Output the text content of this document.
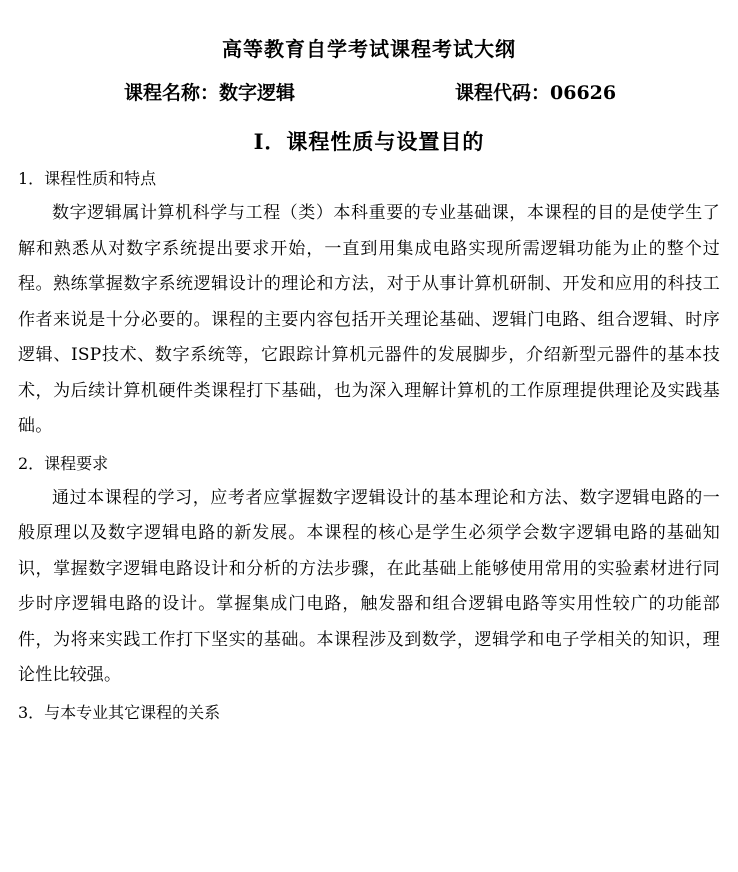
高等教育自学考试课程考试大纲
课程名称：数字逻辑	课程代码：06626
I．课程性质与设置目的
1．课程性质和特点

数字逻辑属计算机科学与工程（类）本科重要的专业基础课，本课程的目的是使学生了解和熟悉从对数字系统提出要求开始，一直到用集成电路实现所需逻辑功能为止的整个过程。熟练掌握数字系统逻辑设计的理论和方法，对于从事计算机研制、开发和应用的科技工作者来说是十分必要的。课程的主要内容包括开关理论基础、逻辑门电路、组合逻辑、时序逻辑、ISP技术、数字系统等，它跟踪计算机元器件的发展脚步，介绍新型元器件的基本技术，为后续计算机硬件类课程打下基础，也为深入理解计算机的工作原理提供理论及实践基础。

2．课程要求

通过本课程的学习，应考者应掌握数字逻辑设计的基本理论和方法、数字逻辑电路的一般原理以及数字逻辑电路的新发展。本课程的核心是学生必须学会数字逻辑电路的基础知识，掌握数字逻辑电路设计和分析的方法步骤，在此基础上能够使用常用的实验素材进行同步时序逻辑电路的设计。掌握集成门电路，触发器和组合逻辑电路等实用性较广的功能部件，为将来实践工作打下坚实的基础。本课程涉及到数学，逻辑学和电子学相关的知识，理论性比较强。

3．与本专业其它课程的关系
